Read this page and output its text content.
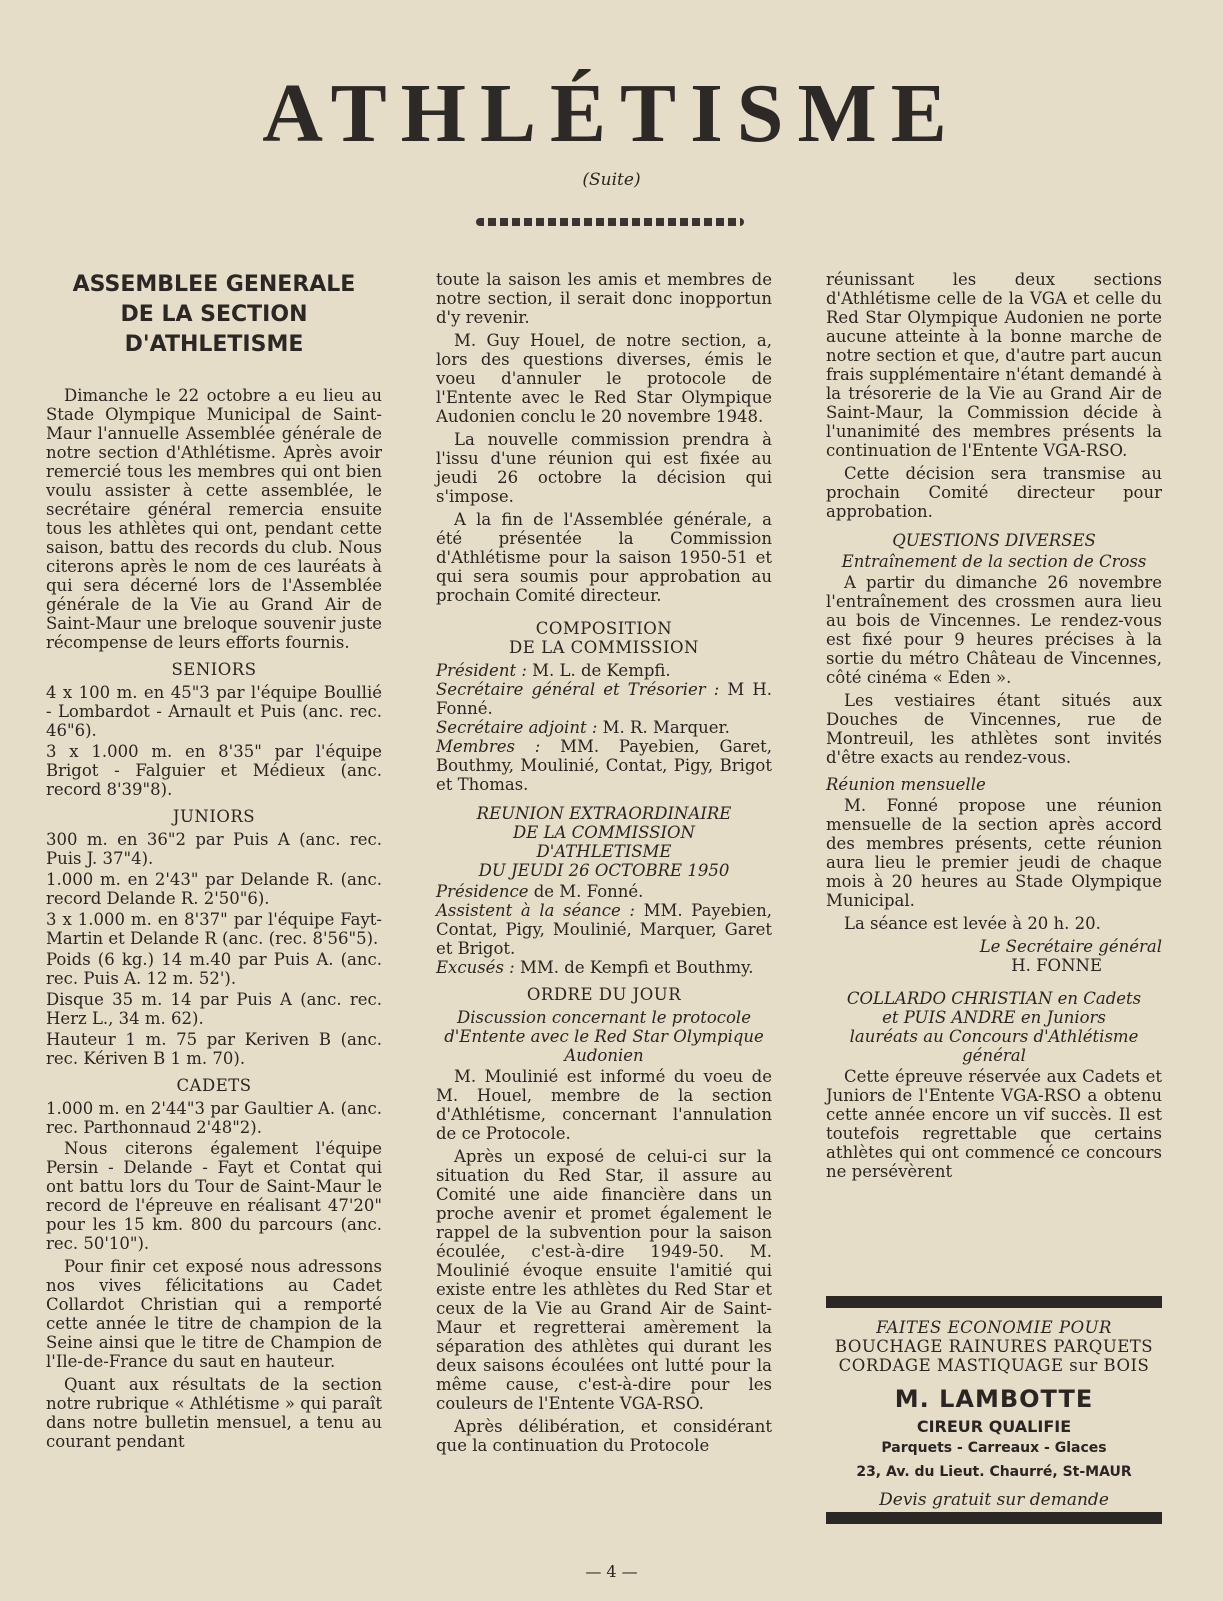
ATHLÉTISME
(Suite)
ASSEMBLEE GENERALE
DE LA SECTION
D'ATHLETISME

Dimanche le 22 octobre a eu lieu au Stade Olympique Municipal de Saint-Maur l'annuelle Assemblée générale de notre section d'Athlétisme. Après avoir remercié tous les membres qui ont bien voulu assister à cette assemblée, le secrétaire général remercia ensuite tous les athlètes qui ont, pendant cette saison, battu des records du club. Nous citerons après le nom de ces lauréats à qui sera décerné lors de l'Assemblée générale de la Vie au Grand Air de Saint-Maur une breloque souvenir juste récompense de leurs efforts fournis.

SENIORS

4 x 100 m. en 45"3 par l'équipe Boullié - Lombardot - Arnault et Puis (anc. rec. 46"6).

3 x 1.000 m. en 8'35" par l'équipe Brigot - Falguier et Médieux (anc. record 8'39"8).

JUNIORS

300 m. en 36"2 par Puis A (anc. rec. Puis J. 37"4).

1.000 m. en 2'43" par Delande R. (anc. record Delande R. 2'50"6).

3 x 1.000 m. en 8'37" par l'équipe Fayt-Martin et Delande R (anc. (rec. 8'56"5).

Poids (6 kg.) 14 m.40 par Puis A. (anc. rec. Puis A. 12 m. 52').

Disque 35 m. 14 par Puis A (anc. rec. Herz L., 34 m. 62).

Hauteur 1 m. 75 par Keriven B (anc. rec. Kériven B 1 m. 70).

CADETS

1.000 m. en 2'44"3 par Gaultier A. (anc. rec. Parthonnaud 2'48"2).

Nous citerons également l'équipe Persin - Delande - Fayt et Contat qui ont battu lors du Tour de Saint-Maur le record de l'épreuve en réalisant 47'20" pour les 15 km. 800 du parcours (anc. rec. 50'10").

Pour finir cet exposé nous adressons nos vives félicitations au Cadet Collardot Christian qui a remporté cette année le titre de champion de la Seine ainsi que le titre de Champion de l'Ile-de-France du saut en hauteur.

Quant aux résultats de la section notre rubrique « Athlétisme » qui paraît dans notre bulletin mensuel, a tenu au courant pendant

toute la saison les amis et membres de notre section, il serait donc inopportun d'y revenir.

M. Guy Houel, de notre section, a, lors des questions diverses, émis le voeu d'annuler le protocole de l'Entente avec le Red Star Olympique Audonien conclu le 20 novembre 1948.

La nouvelle commission prendra à l'issu d'une réunion qui est fixée au jeudi 26 octobre la décision qui s'impose.

A la fin de l'Assemblée générale, a été présentée la Commission d'Athlétisme pour la saison 1950-51 et qui sera soumis pour approbation au prochain Comité directeur.

COMPOSITION

DE LA COMMISSION

Président : M. L. de Kempfi.

Secrétaire général et Trésorier : M H. Fonné.

Secrétaire adjoint : M. R. Marquer.

Membres : MM. Payebien, Garet, Bouthmy, Moulinié, Contat, Pigy, Brigot et Thomas.

REUNION EXTRAORDINAIRE

DE LA COMMISSION

D'ATHLETISME

DU JEUDI 26 OCTOBRE 1950

Présidence de M. Fonné.

Assistent à la séance : MM. Payebien, Contat, Pigy, Moulinié, Marquer, Garet et Brigot.

Excusés : MM. de Kempfi et Bouthmy.

ORDRE DU JOUR

Discussion concernant le protocole d'Entente avec le Red Star Olympique Audonien

M. Moulinié est informé du voeu de M. Houel, membre de la section d'Athlétisme, concernant l'annulation de ce Protocole.

Après un exposé de celui-ci sur la situation du Red Star, il assure au Comité une aide financière dans un proche avenir et promet également le rappel de la subvention pour la saison écoulée, c'est-à-dire 1949-50. M. Moulinié évoque ensuite l'amitié qui existe entre les athlètes du Red Star et ceux de la Vie au Grand Air de Saint-Maur et regretterai amèrement la séparation des athlètes qui durant les deux saisons écoulées ont lutté pour la même cause, c'est-à-dire pour les couleurs de l'Entente VGA-RSO.

Après délibération, et considérant que la continuation du Protocole

réunissant les deux sections d'Athlétisme celle de la VGA et celle du Red Star Olympique Audonien ne porte aucune atteinte à la bonne marche de notre section et que, d'autre part aucun frais supplémentaire n'étant demandé à la trésorerie de la Vie au Grand Air de Saint-Maur, la Commission décide à l'unanimité des membres présents la continuation de l'Entente VGA-RSO.

Cette décision sera transmise au prochain Comité directeur pour approbation.

QUESTIONS DIVERSES

Entraînement de la section de Cross

A partir du dimanche 26 novembre l'entraînement des crossmen aura lieu au bois de Vincennes. Le rendez-vous est fixé pour 9 heures précises à la sortie du métro Château de Vincennes, côté cinéma « Eden ».

Les vestiaires étant situés aux Douches de Vincennes, rue de Montreuil, les athlètes sont invités d'être exacts au rendez-vous.

Réunion mensuelle

M. Fonné propose une réunion mensuelle de la section après accord des membres présents, cette réunion aura lieu le premier jeudi de chaque mois à 20 heures au Stade Olympique Municipal.

La séance est levée à 20 h. 20.

Le Secrétaire général

H. FONNE

COLLARDO CHRISTIAN en Cadets

et PUIS ANDRE en Juniors

lauréats au Concours d'Athlétisme

général

Cette épreuve réservée aux Cadets et Juniors de l'Entente VGA-RSO a obtenu cette année encore un vif succès. Il est toutefois regrettable que certains athlètes qui ont commencé ce concours ne persévèrent

FAITES ECONOMIE POUR
BOUCHAGE RAINURES PARQUETS
CORDAGE MASTIQUAGE sur BOIS
M. LAMBOTTE
CIREUR QUALIFIE
Parquets - Carreaux - Glaces
23, Av. du Lieut. Chaurré, St-MAUR
Devis gratuit sur demande
— 4 —
